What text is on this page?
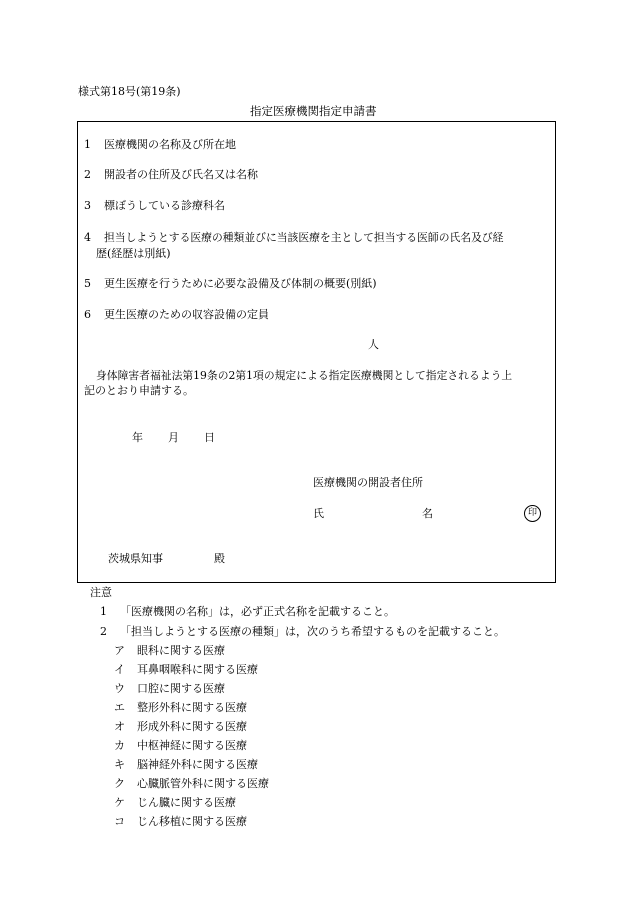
様式第18号(第19条)
指定医療機関指定申請書
1 医療機関の名称及び所在地
2 開設者の住所及び氏名又は名称
3 標ぼうしている診療科名
4 担当しようとする医療の種類並びに当該医療を主として担当する医師の氏名及び経
歴(経歴は別紙)
5 更生医療を行うために必要な設備及び体制の概要(別紙)
6 更生医療のための収容設備の定員
人
身体障害者福祉法第19条の2第1項の規定による指定医療機関として指定されるよう上
記のとおり申請する。
年 月 日
医療機関の開設者住所
氏	名	印
茨城県知事	殿
注意
1 「医療機関の名称」は，必ず正式名称を記載すること。
2 「担当しようとする医療の種類」は，次のうち希望するものを記載すること。
ア 眼科に関する医療
イ 耳鼻咽喉科に関する医療
ウ 口腔に関する医療
エ 整形外科に関する医療
オ 形成外科に関する医療
カ 中枢神経に関する医療
キ 脳神経外科に関する医療
ク 心臓脈管外科に関する医療
ケ じん臓に関する医療
コ じん移植に関する医療
